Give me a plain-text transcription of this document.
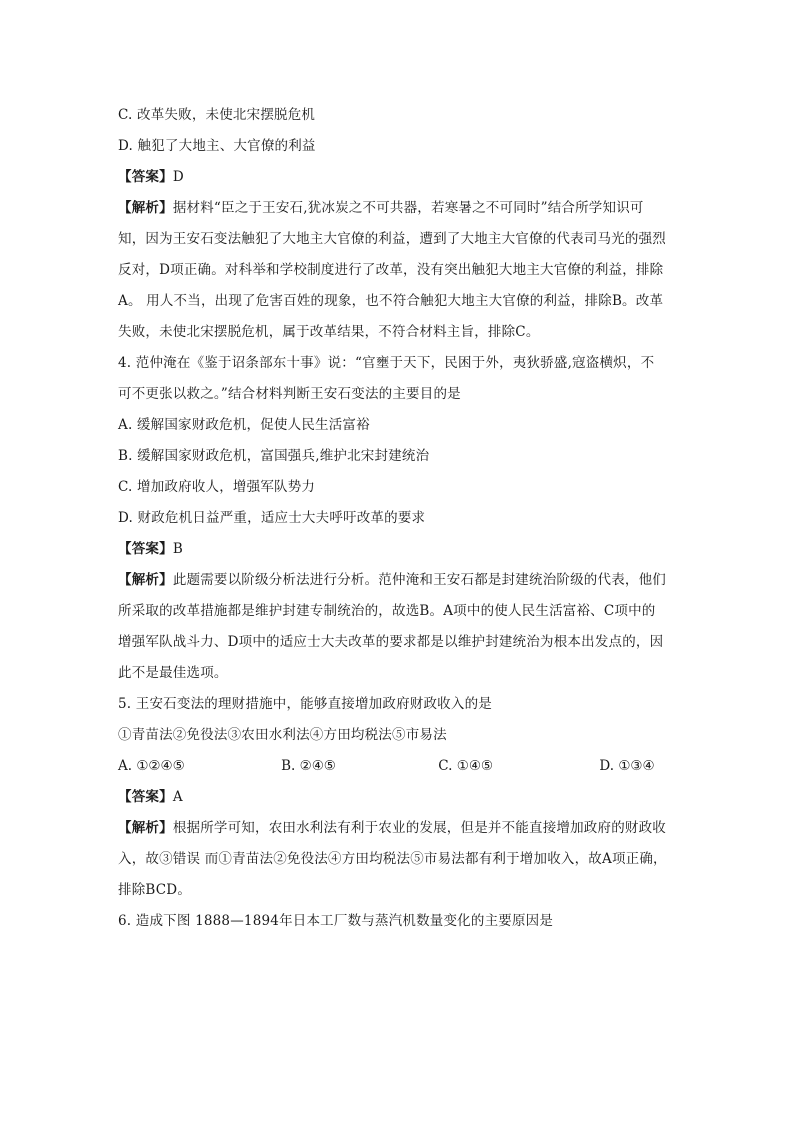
C. 改革失败，未使北宋摆脱危机
D. 触犯了大地主、大官僚的利益
【答案】D
【解析】据材料“臣之于王安石,犹冰炭之不可共器，若寒暑之不可同时”结合所学知识可
知，因为王安石变法触犯了大地主大官僚的利益，遭到了大地主大官僚的代表司马光的强烈
反对，D项正确。对科举和学校制度进行了改革，没有突出触犯大地主大官僚的利益，排除
A。 用人不当，出现了危害百姓的现象，也不符合触犯大地主大官僚的利益，排除B。改革
失败，未使北宋摆脱危机，属于改革结果，不符合材料主旨，排除C。
4. 范仲淹在《鉴于诏条部东十事》说：“官壅于天下，民困于外，夷狄骄盛,寇盗横炽，不
可不更张以救之。”结合材料判断王安石变法的主要目的是
A. 缓解国家财政危机，促使人民生活富裕
B. 缓解国家财政危机，富国强兵,维护北宋封建统治
C. 增加政府收人，增强军队势力
D. 财政危机日益严重，适应士大夫呼吁改革的要求
【答案】B
【解析】此题需要以阶级分析法进行分析。范仲淹和王安石都是封建统治阶级的代表，他们
所采取的改革措施都是维护封建专制统治的，故选B。A项中的使人民生活富裕、C项中的
增强军队战斗力、D项中的适应士大夫改革的要求都是以维护封建统治为根本出发点的，因
此不是最佳选项。
5. 王安石变法的理财措施中，能够直接增加政府财政收入的是
①青苗法②免役法③农田水利法④方田均税法⑤市易法
A. ①②④⑤	B. ②④⑤	C. ①④⑤	D. ①③④
【答案】A
【解析】根据所学可知，农田水利法有利于农业的发展，但是并不能直接增加政府的财政收
入，故③错误 而①青苗法②免役法④方田均税法⑤市易法都有利于增加收入，故A项正确，
排除BCD。
6. 造成下图 1888—1894年日本工厂数与蒸汽机数量变化的主要原因是
